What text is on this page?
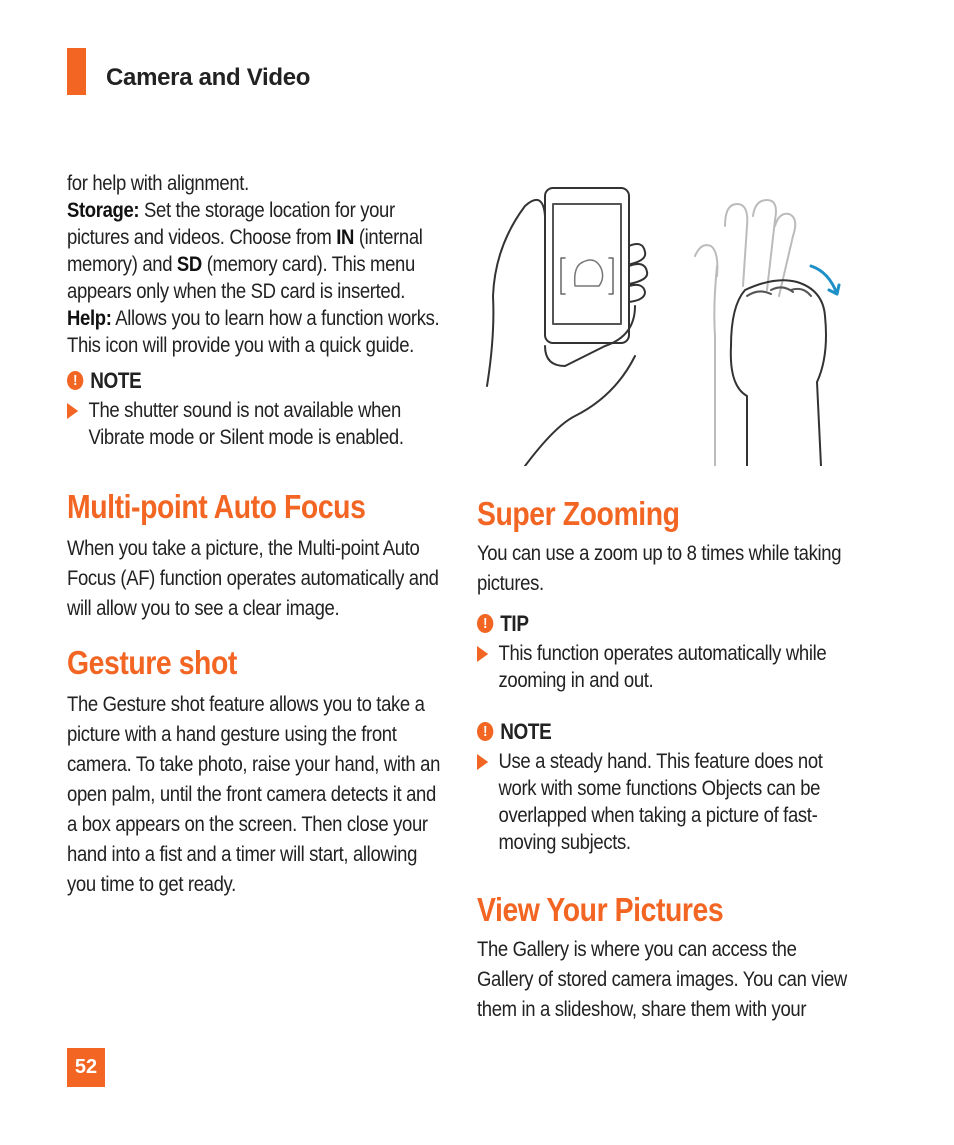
Camera and Video

for help with alignment.

Storage: Set the storage location for your pictures and videos. Choose from IN (internal memory) and SD (memory card). This menu appears only when the SD card is inserted.

Help: Allows you to learn how a function works. This icon will provide you with a quick guide.

! NOTE
The shutter sound is not available when Vibrate mode or Silent mode is enabled.
Multi-point Auto Focus

When you take a picture, the Multi-point Auto Focus (AF) function operates automatically and will allow you to see a clear image.

Gesture shot

The Gesture shot feature allows you to take a picture with a hand gesture using the front camera. To take photo, raise your hand, with an open palm, until the front camera detects it and a box appears on the screen. Then close your hand into a fist and a timer will start, allowing you time to get ready.

Super Zooming

You can use a zoom up to 8 times while taking pictures.

! TIP
This function operates automatically while zooming in and out.
! NOTE
Use a steady hand. This feature does not work with some functions Objects can be overlapped when taking a picture of fast-moving subjects.
View Your Pictures

The Gallery is where you can access the Gallery of stored camera images. You can view them in a slideshow, share them with your

52
